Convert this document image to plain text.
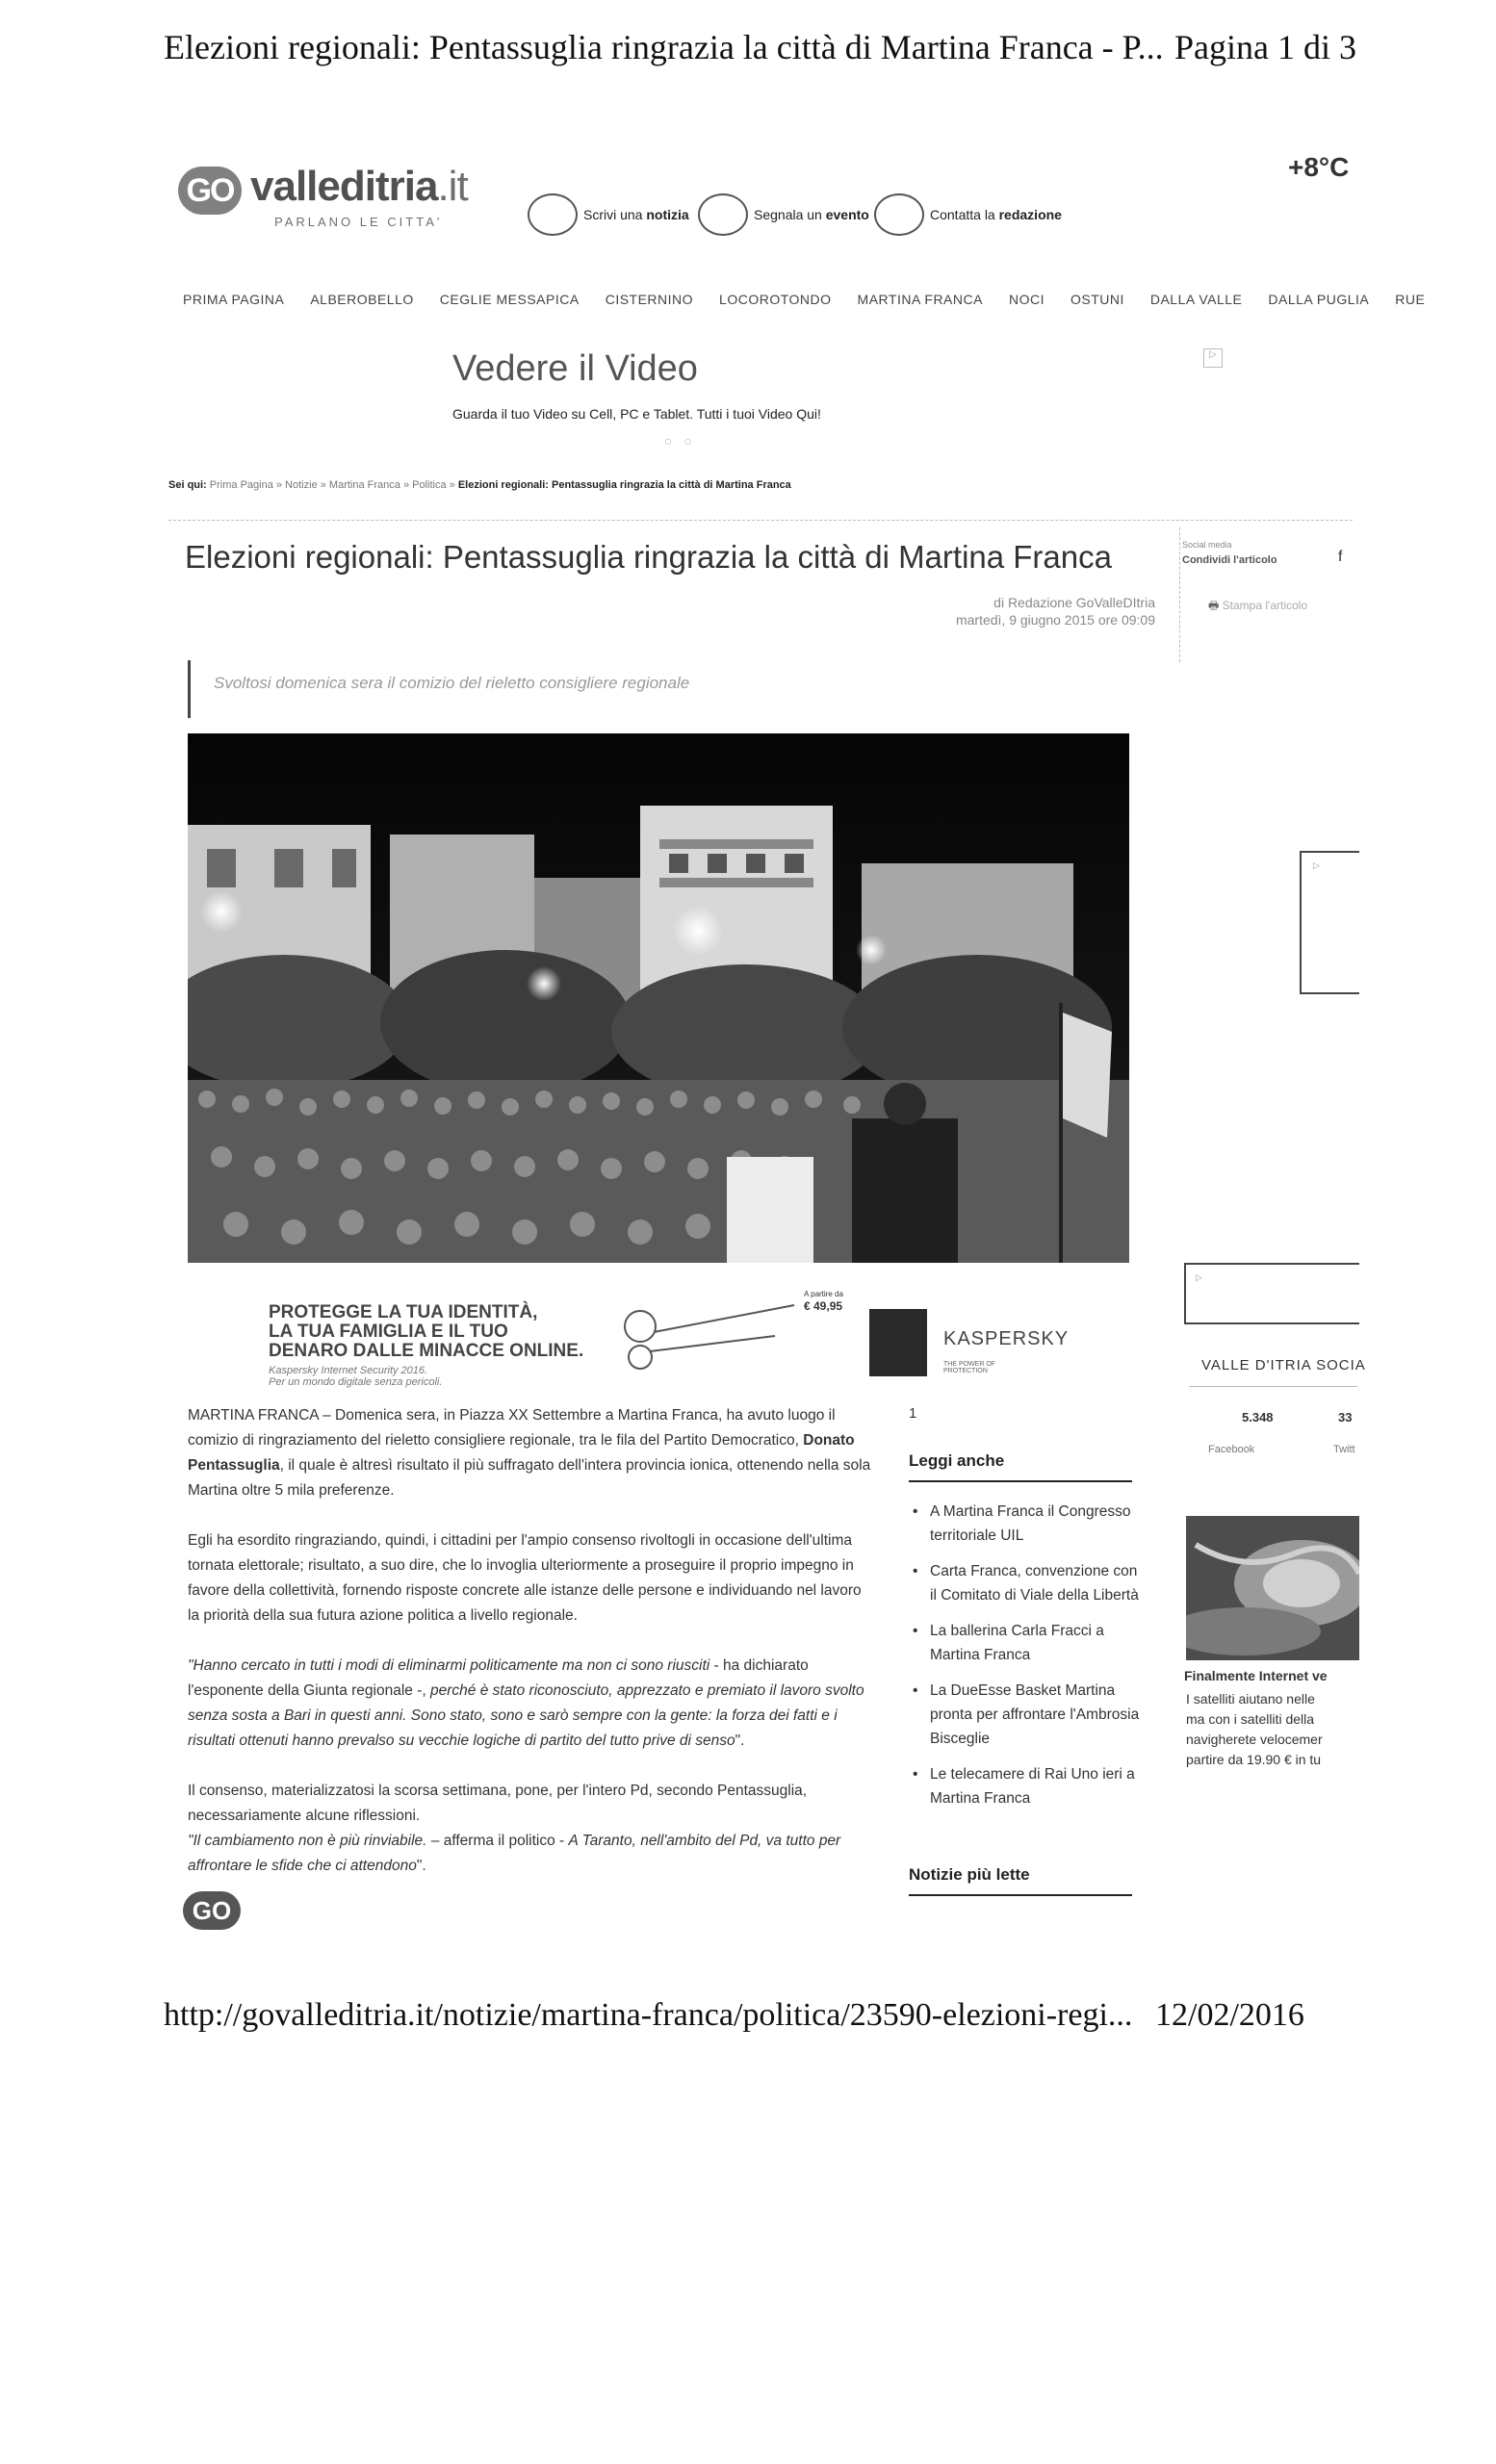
Elezioni regionali: Pentassuglia ringrazia la città di Martina Franca - P... Pagina 1 di 3
GO valleditria.it
PARLANO LE CITTA'	Scrivi una notizia	Segnala un evento	Contatta la redazione
+8°C
PRIMA PAGINA ALBEROBELLO CEGLIE MESSAPICA CISTERNINO LOCOROTONDO MARTINA FRANCA NOCI OSTUNI DALLA VALLE DALLA PUGLIA RUE
Vedere il Video
Guarda il tuo Video su Cell, PC e Tablet. Tutti i tuoi Video Qui!
○ ○
▷
Sei qui: Prima Pagina » Notizie » Martina Franca » Politica » Elezioni regionali: Pentassuglia ringrazia la città di Martina Franca
Elezioni regionali: Pentassuglia ringrazia la città di Martina Franca	Social media
Condividi l'articolo	f
di Redazione GoValleDItria
martedì, 9 giugno 2015 ore 09:09
🖶 Stampa l'articolo
Svoltosi domenica sera il comizio del rieletto consigliere regionale
PROTEGGE LA TUA IDENTITÀ,
LA TUA FAMIGLIA E IL TUO
DENARO DALLE MINACCE ONLINE.
Kaspersky Internet Security 2016.
Per un mondo digitale senza pericoli.
A partire da
€ 49,95
KASPERSKY
THE POWER OF PROTECTION

MARTINA FRANCA – Domenica sera, in Piazza XX Settembre a Martina Franca, ha avuto luogo il comizio di ringraziamento del rieletto consigliere regionale, tra le fila del Partito Democratico, Donato Pentassuglia, il quale è altresì risultato il più suffragato dell'intera provincia ionica, ottenendo nella sola Martina oltre 5 mila preferenze.

Egli ha esordito ringraziando, quindi, i cittadini per l'ampio consenso rivoltogli in occasione dell'ultima tornata elettorale; risultato, a suo dire, che lo invoglia ulteriormente a proseguire il proprio impegno in favore della collettività, fornendo risposte concrete alle istanze delle persone e individuando nel lavoro la priorità della sua futura azione politica a livello regionale.

"Hanno cercato in tutti i modi di eliminarmi politicamente ma non ci sono riusciti - ha dichiarato l'esponente della Giunta regionale -, perché è stato riconosciuto, apprezzato e premiato il lavoro svolto senza sosta a Bari in questi anni. Sono stato, sono e sarò sempre con la gente: la forza dei fatti e i risultati ottenuti hanno prevalso su vecchie logiche di partito del tutto prive di senso".

Il consenso, materializzatosi la scorsa settimana, pone, per l'intero Pd, secondo Pentassuglia, necessariamente alcune riflessioni.

"Il cambiamento non è più rinviabile. – afferma il politico - A Taranto, nell'ambito del Pd, va tutto per affrontare le sfide che ci attendono".

GO
1
Leggi anche
• A Martina Franca il Congresso territoriale UIL
• Carta Franca, convenzione con il Comitato di Viale della Libertà
• La ballerina Carla Fracci a Martina Franca
• La DueEsse Basket Martina pronta per affrontare l'Ambrosia Bisceglie
• Le telecamere di Rai Uno ieri a Martina Franca
Notizie più lette
▷
▷
VALLE D'ITRIA SOCIA
5.348	33
Facebook	Twitt
Finalmente Internet ve
I satelliti aiutano nelle
ma con i satelliti della
navigherete velocemer
partire da 19.90 € in tu
http://govalleditria.it/notizie/martina-franca/politica/23590-elezioni-regi... 12/02/2016
